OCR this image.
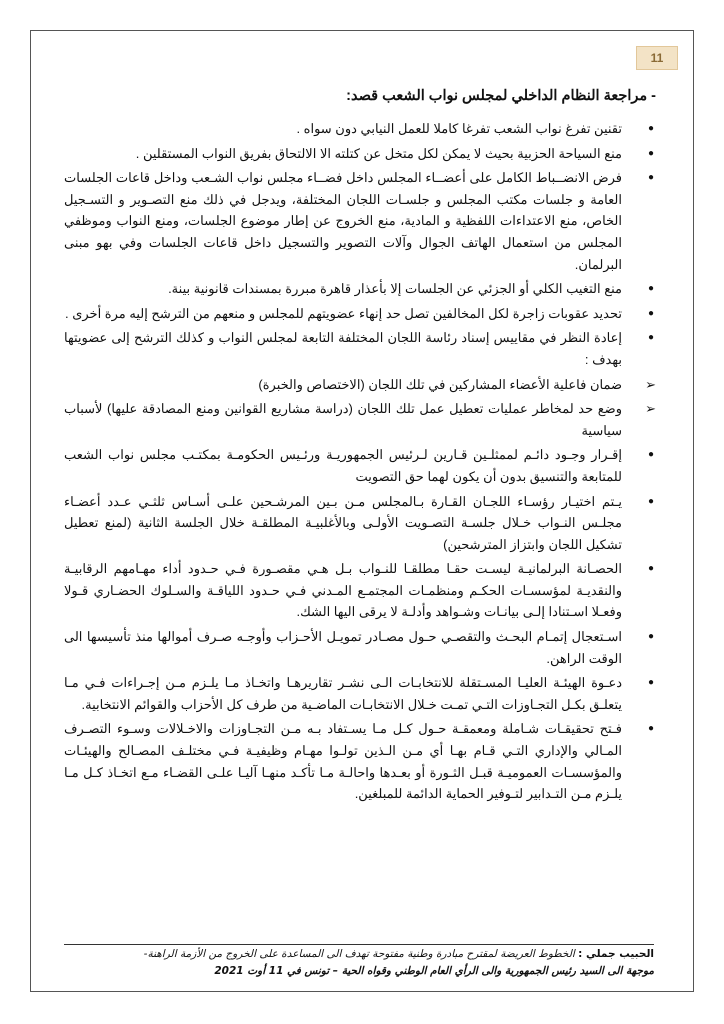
11
- مراجعة النظام الداخلي لمجلس نواب الشعب قصد:
● تقنين تفرغ نواب الشعب تفرغا كاملا للعمل النيابي دون سواه .
● منع السياحة الحزبية بحيث لا يمكن لكل متخل عن كتلته الا الالتحاق بفريق النواب المستقلين .
● فرض الانضــباط الكامل على أعضــاء المجلس داخل فضــاء مجلس نواب الشـعب وداخل قاعات الجلسات العامة و جلسات مكتب المجلس و جلسـات اللجان المختلفة، ويدجل في ذلك منع التصـوير و التسـجيل الخاص، منع الاعتداءات اللفظية و المادية، منع الخروج عن إطار موضوع الجلسات، ومنع النواب وموظفي المجلس من استعمال الهاتف الجوال وآلات التصوير والتسجيل داخل قاعات الجلسات وفي بهو مبنى البرلمان.
● منع التغيب الكلي أو الجزئي عن الجلسات إلا بأعذار قاهرة مبررة بمسندات قانونية بينة.
● تحديد عقوبات زاجرة لكل المخالفين تصل حد إنهاء عضويتهم للمجلس و منعهم من الترشح إليه مرة أخرى .
● إعادة النظر في مقاييس إسناد رئاسة اللجان المختلفة التابعة لمجلس النواب و كذلك الترشح إلى عضويتها بهدف :
➢ ضمان فاعلية الأعضاء المشاركين في تلك اللجان (الاختصاص والخبرة)
➢ وضع حد لمخاطر عمليات تعطيل عمل تلك اللجان (دراسة مشاريع القوانين ومنع المصادقة عليها) لأسباب سياسية
● إقـرار وجـود دائـم لممثلـين قـارين لـرئيس الجمهوريـة ورئـيس الحكومـة بمكتـب مجلس نواب الشعب للمتابعة والتنسيق بدون أن يكون لهما حق التصويت
● يـتم اختيـار رؤسـاء اللجـان القـارة بـالمجلس مـن بـين المرشـحين علـى أسـاس ثلثـي عـدد أعضـاء مجلـس النـواب خـلال جلسـة التصـويت الأولـى وبالأغلبيـة المطلقـة خلال الجلسة الثانية (لمنع تعطيل تشكيل اللجان وابتزاز المترشحين)
● الحصـانة البرلمانيـة ليسـت حقـا مطلقـا للنـواب بـل هـي مقصـورة فـي حـدود أداء مهـامهم الرقابيـة والنقديـة لمؤسسـات الحكـم ومنظمـات المجتمـع المـدني فـي حـدود اللياقـة والسـلوك الحضـاري قـولا وفعـلا اسـتنادا إلـى بيانـات وشـواهد وأدلـة لا يرقى اليها الشك.
● اسـتعجال إتمـام البحـث والتقصـي حـول مصـادر تمويـل الأحـزاب وأوجـه صـرف أموالها منذ تأسيسها الى الوقت الراهن.
● دعـوة الهيئـة العليـا المسـتقلة للانتخابـات الـى نشـر تقاريرهـا واتخـاذ مـا يلـزم مـن إجـراءات فـي مـا يتعلـق بكـل التجـاوزات التـي تمـت خـلال الانتخابـات الماضـية من طرف كل الأحزاب والقوائم الانتخابية.
● فـتح تحقيقـات شـاملة ومعمقـة حـول كـل مـا يسـتفاد بـه مـن التجـاوزات والاخـلالات وسـوء التصـرف المـالي والإداري التـي قـام بهـا أي مـن الـذين تولـوا مهـام وظيفيـة فـي مختلـف المصـالح والهيئـات والمؤسسـات العموميـة قبـل الثـورة أو بعـدها واحالـة مـا تأكـد منهـا آليـا علـى القضـاء مـع اتخـاذ كـل مـا يلـزم مـن التـدابير لتـوفير الحماية الدائمة للمبلغين.
الحبيب جملي : الخطوط العريضة لمقترح مبادرة وطنية مفتوحة تهدف الى المساعدة على الخروج من الأزمة الراهنة-
موجهة الى السيد رئيس الجمهورية والى الرأي العام الوطني وقواه الحية – تونس في 11 أوت 2021
